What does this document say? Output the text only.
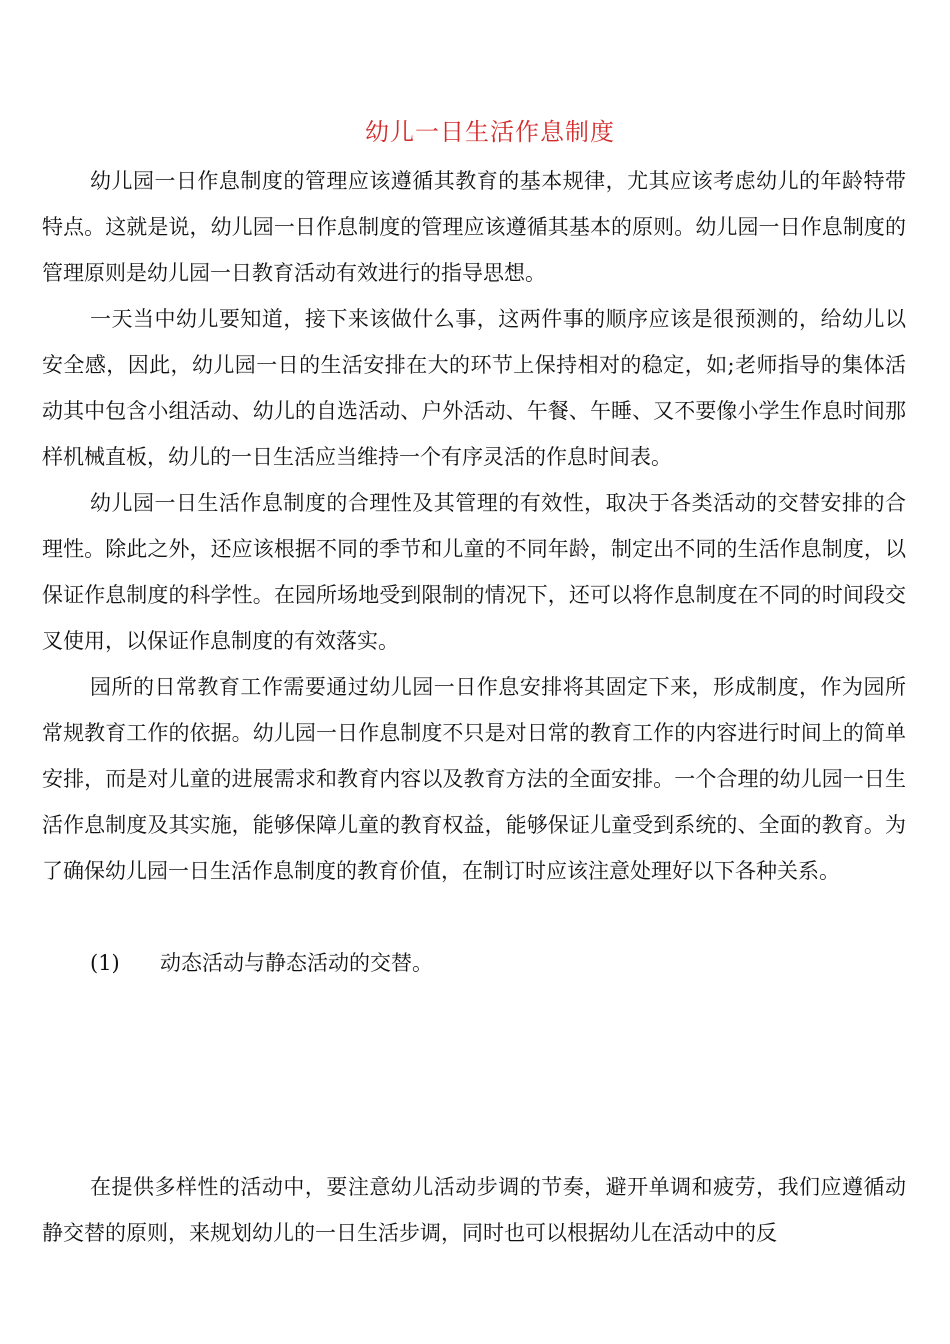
幼儿一日生活作息制度

幼儿园一日作息制度的管理应该遵循其教育的基本规律，尤其应该考虑幼儿的年龄特带特点。这就是说，幼儿园一日作息制度的管理应该遵循其基本的原则。幼儿园一日作息制度的管理原则是幼儿园一日教育活动有效进行的指导思想。

一天当中幼儿要知道，接下来该做什么事，这两件事的顺序应该是很预测的，给幼儿以安全感，因此，幼儿园一日的生活安排在大的环节上保持相对的稳定，如;老师指导的集体活动其中包含小组活动、幼儿的自选活动、户外活动、午餐、午睡、又不要像小学生作息时间那样机械直板，幼儿的一日生活应当维持一个有序灵活的作息时间表。

幼儿园一日生活作息制度的合理性及其管理的有效性，取决于各类活动的交替安排的合理性。除此之外，还应该根据不同的季节和儿童的不同年龄，制定出不同的生活作息制度，以保证作息制度的科学性。在园所场地受到限制的情况下，还可以将作息制度在不同的时间段交叉使用，以保证作息制度的有效落实。

园所的日常教育工作需要通过幼儿园一日作息安排将其固定下来，形成制度，作为园所常规教育工作的依据。幼儿园一日作息制度不只是对日常的教育工作的内容进行时间上的简单安排，而是对儿童的进展需求和教育内容以及教育方法的全面安排。一个合理的幼儿园一日生活作息制度及其实施，能够保障儿童的教育权益，能够保证儿童受到系统的、全面的教育。为了确保幼儿园一日生活作息制度的教育价值，在制订时应该注意处理好以下各种关系。

(1) 动态活动与静态活动的交替。

在提供多样性的活动中，要注意幼儿活动步调的节奏，避开单调和疲劳，我们应遵循动静交替的原则，来规划幼儿的一日生活步调，同时也可以根据幼儿在活动中的反
